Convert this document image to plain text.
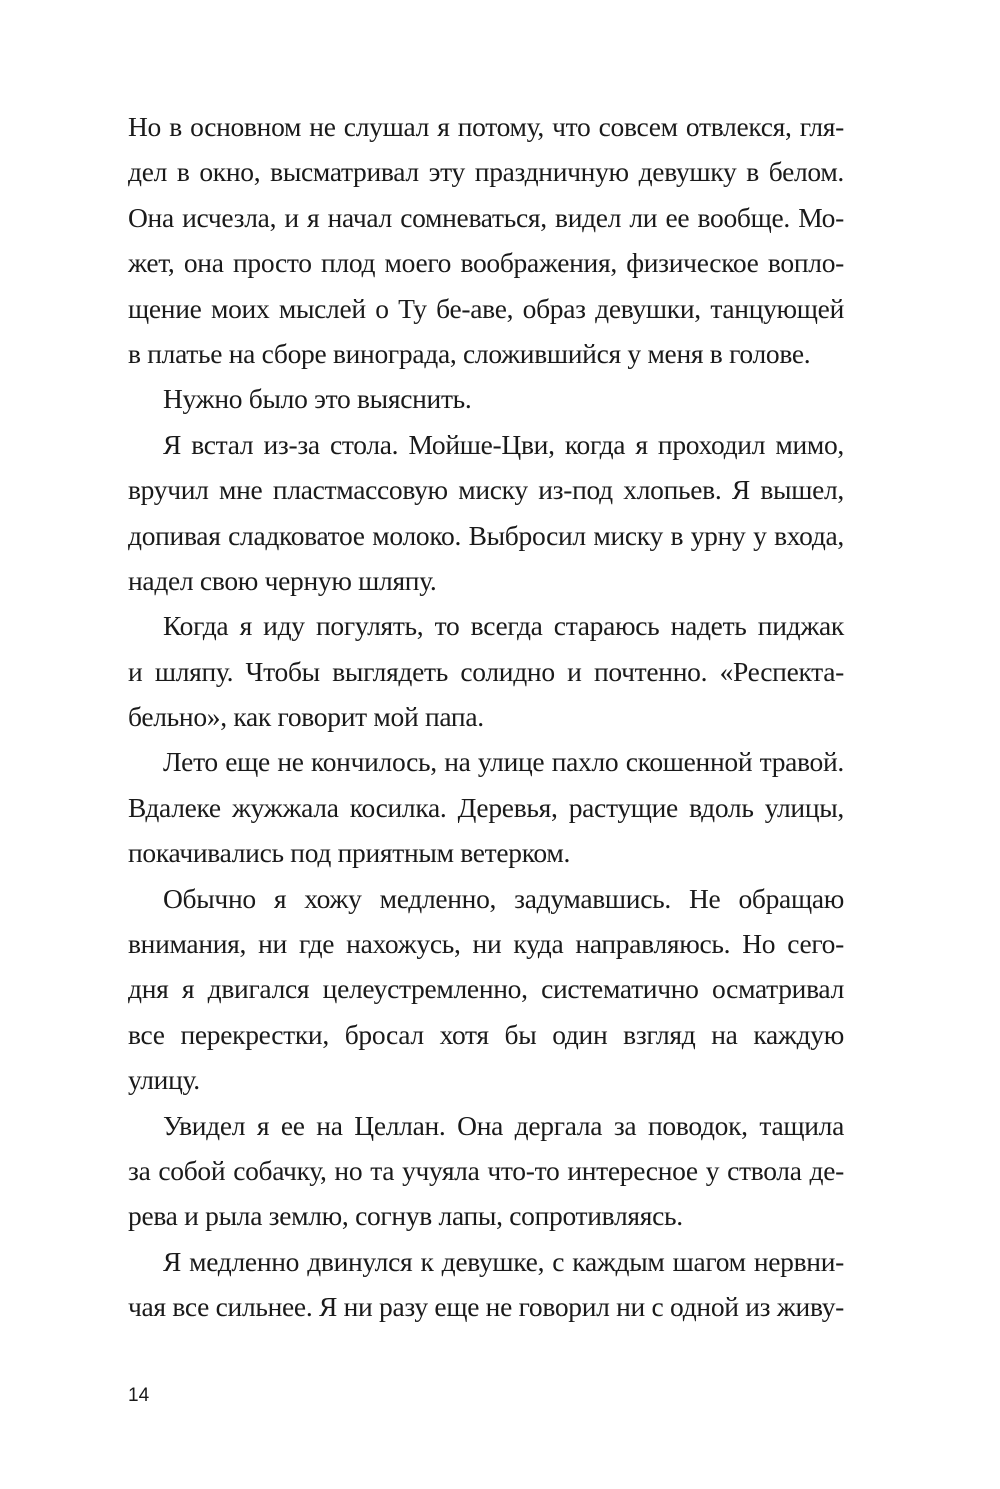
Но в основном не слушал я потому, что совсем отвлекся, гля-
дел в окно, высматривал эту праздничную девушку в белом.
Она исчезла, и я начал сомневаться, видел ли ее вообще. Мо-
жет, она просто плод моего воображения, физическое вопло-
щение моих мыслей о Ту бе-аве, образ девушки, танцующей
в платье на сборе винограда, сложившийся у меня в голове.
Нужно было это выяснить.
Я встал из-за стола. Мойше-Цви, когда я проходил мимо,
вручил мне пластмассовую миску из-под хлопьев. Я вышел,
допивая сладковатое молоко. Выбросил миску в урну у входа,
надел свою черную шляпу.
Когда я иду погулять, то всегда стараюсь надеть пиджак
и шляпу. Чтобы выглядеть солидно и почтенно. «Респекта-
бельно», как говорит мой папа.
Лето еще не кончилось, на улице пахло скошенной травой.
Вдалеке жужжала косилка. Деревья, растущие вдоль улицы,
покачивались под приятным ветерком.
Обычно я хожу медленно, задумавшись. Не обращаю
внимания, ни где нахожусь, ни куда направляюсь. Но сего-
дня я двигался целеустремленно, систематично осматривал
все перекрестки, бросал хотя бы один взгляд на каждую
улицу.
Увидел я ее на Целлан. Она дергала за поводок, тащила
за собой собачку, но та учуяла что-то интересное у ствола де-
рева и рыла землю, согнув лапы, сопротивляясь.
Я медленно двинулся к девушке, с каждым шагом нервни-
чая все сильнее. Я ни разу еще не говорил ни с одной из живу-
14
